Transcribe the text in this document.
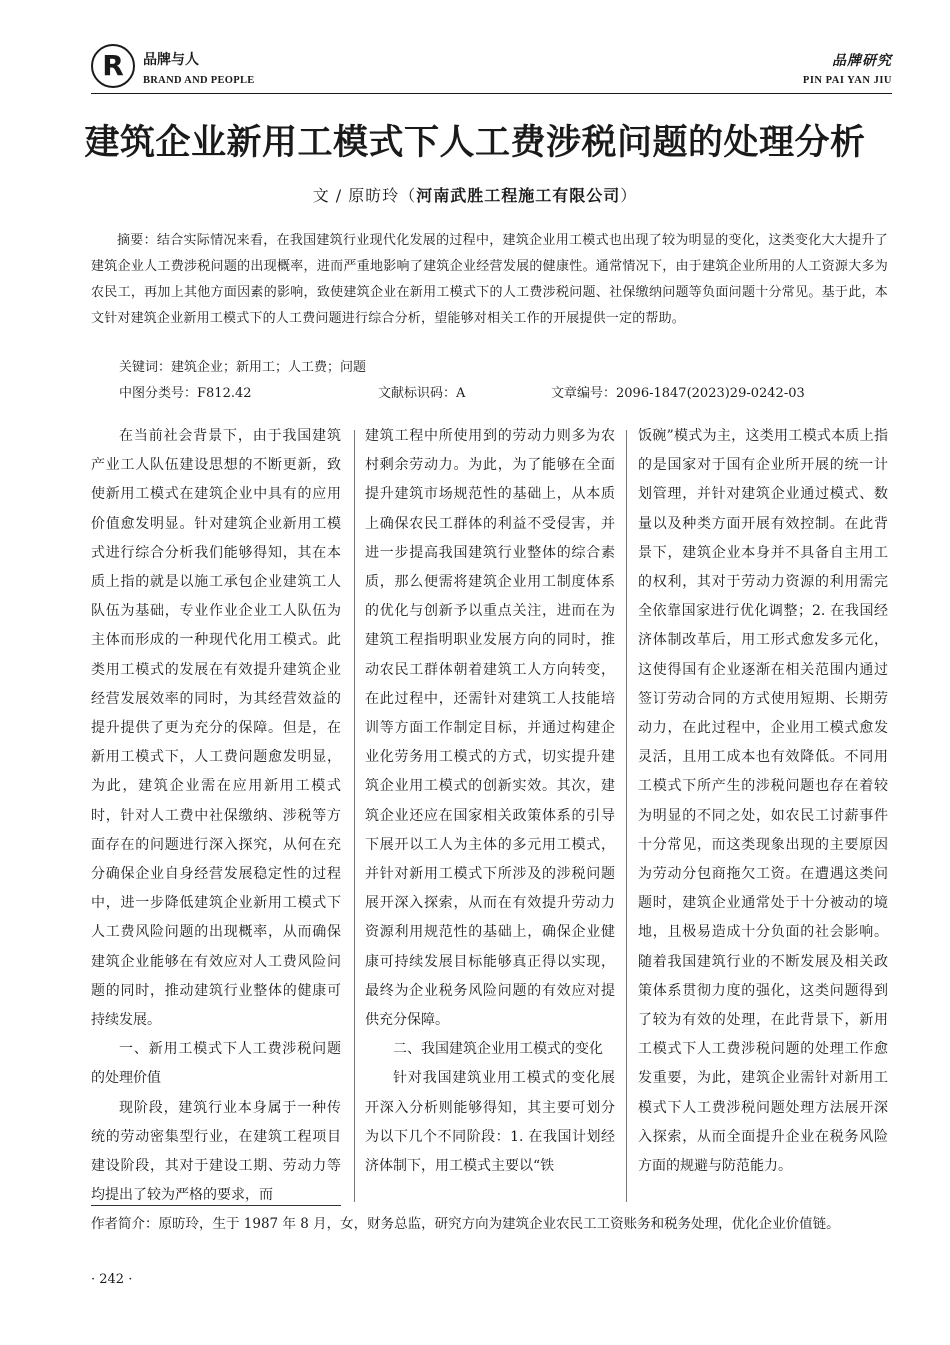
R	品牌与人
BRAND AND PEOPLE
品牌研究
PIN PAI YAN JIU
建筑企业新用工模式下人工费涉税问题的处理分析
文 / 原昉玲（河南武胜工程施工有限公司）
摘要：结合实际情况来看，在我国建筑行业现代化发展的过程中，建筑企业用工模式也出现了较为明显的变化，这类变化大大提升了建筑企业人工费涉税问题的出现概率，进而严重地影响了建筑企业经营发展的健康性。通常情况下，由于建筑企业所用的人工资源大多为农民工，再加上其他方面因素的影响，致使建筑企业在新用工模式下的人工费涉税问题、社保缴纳问题等负面问题十分常见。基于此，本文针对建筑企业新用工模式下的人工费问题进行综合分析，望能够对相关工作的开展提供一定的帮助。
关键词：建筑企业；新用工；人工费；问题
中图分类号：F812.42	文献标识码：A	文章编号：2096-1847(2023)29-0242-03

在当前社会背景下，由于我国建筑产业工人队伍建设思想的不断更新，致使新用工模式在建筑企业中具有的应用价值愈发明显。针对建筑企业新用工模式进行综合分析我们能够得知，其在本质上指的就是以施工承包企业建筑工人队伍为基础，专业作业企业工人队伍为主体而形成的一种现代化用工模式。此类用工模式的发展在有效提升建筑企业经营发展效率的同时，为其经营效益的提升提供了更为充分的保障。但是，在新用工模式下，人工费问题愈发明显，为此，建筑企业需在应用新用工模式时，针对人工费中社保缴纳、涉税等方面存在的问题进行深入探究，从何在充分确保企业自身经营发展稳定性的过程中，进一步降低建筑企业新用工模式下人工费风险问题的出现概率，从而确保建筑企业能够在有效应对人工费风险问题的同时，推动建筑行业整体的健康可持续发展。

一、新用工模式下人工费涉税问题的处理价值

现阶段，建筑行业本身属于一种传统的劳动密集型行业，在建筑工程项目建设阶段，其对于建设工期、劳动力等均提出了较为严格的要求，而

建筑工程中所使用到的劳动力则多为农村剩余劳动力。为此，为了能够在全面提升建筑市场规范性的基础上，从本质上确保农民工群体的利益不受侵害，并进一步提高我国建筑行业整体的综合素质，那么便需将建筑企业用工制度体系的优化与创新予以重点关注，进而在为建筑工程指明职业发展方向的同时，推动农民工群体朝着建筑工人方向转变，在此过程中，还需针对建筑工人技能培训等方面工作制定目标，并通过构建企业化劳务用工模式的方式，切实提升建筑企业用工模式的创新实效。其次，建筑企业还应在国家相关政策体系的引导下展开以工人为主体的多元用工模式，并针对新用工模式下所涉及的涉税问题展开深入探索，从而在有效提升劳动力资源利用规范性的基础上，确保企业健康可持续发展目标能够真正得以实现，最终为企业税务风险问题的有效应对提供充分保障。

二、我国建筑企业用工模式的变化

针对我国建筑业用工模式的变化展开深入分析则能够得知，其主要可划分为以下几个不同阶段：1. 在我国计划经济体制下，用工模式主要以“铁

饭碗”模式为主，这类用工模式本质上指的是国家对于国有企业所开展的统一计划管理，并针对建筑企业通过模式、数量以及种类方面开展有效控制。在此背景下，建筑企业本身并不具备自主用工的权利，其对于劳动力资源的利用需完全依靠国家进行优化调整；2. 在我国经济体制改革后，用工形式愈发多元化，这使得国有企业逐渐在相关范围内通过签订劳动合同的方式使用短期、长期劳动力，在此过程中，企业用工模式愈发灵活，且用工成本也有效降低。不同用工模式下所产生的涉税问题也存在着较为明显的不同之处，如农民工讨薪事件十分常见，而这类现象出现的主要原因为劳动分包商拖欠工资。在遭遇这类问题时，建筑企业通常处于十分被动的境地，且极易造成十分负面的社会影响。随着我国建筑行业的不断发展及相关政策体系贯彻力度的强化，这类问题得到了较为有效的处理，在此背景下，新用工模式下人工费涉税问题的处理工作愈发重要，为此，建筑企业需针对新用工模式下人工费涉税问题处理方法展开深入探索，从而全面提升企业在税务风险方面的规避与防范能力。

作者简介：原昉玲，生于 1987 年 8 月，女，财务总监，研究方向为建筑企业农民工工资账务和税务处理，优化企业价值链。
· 242 ·
